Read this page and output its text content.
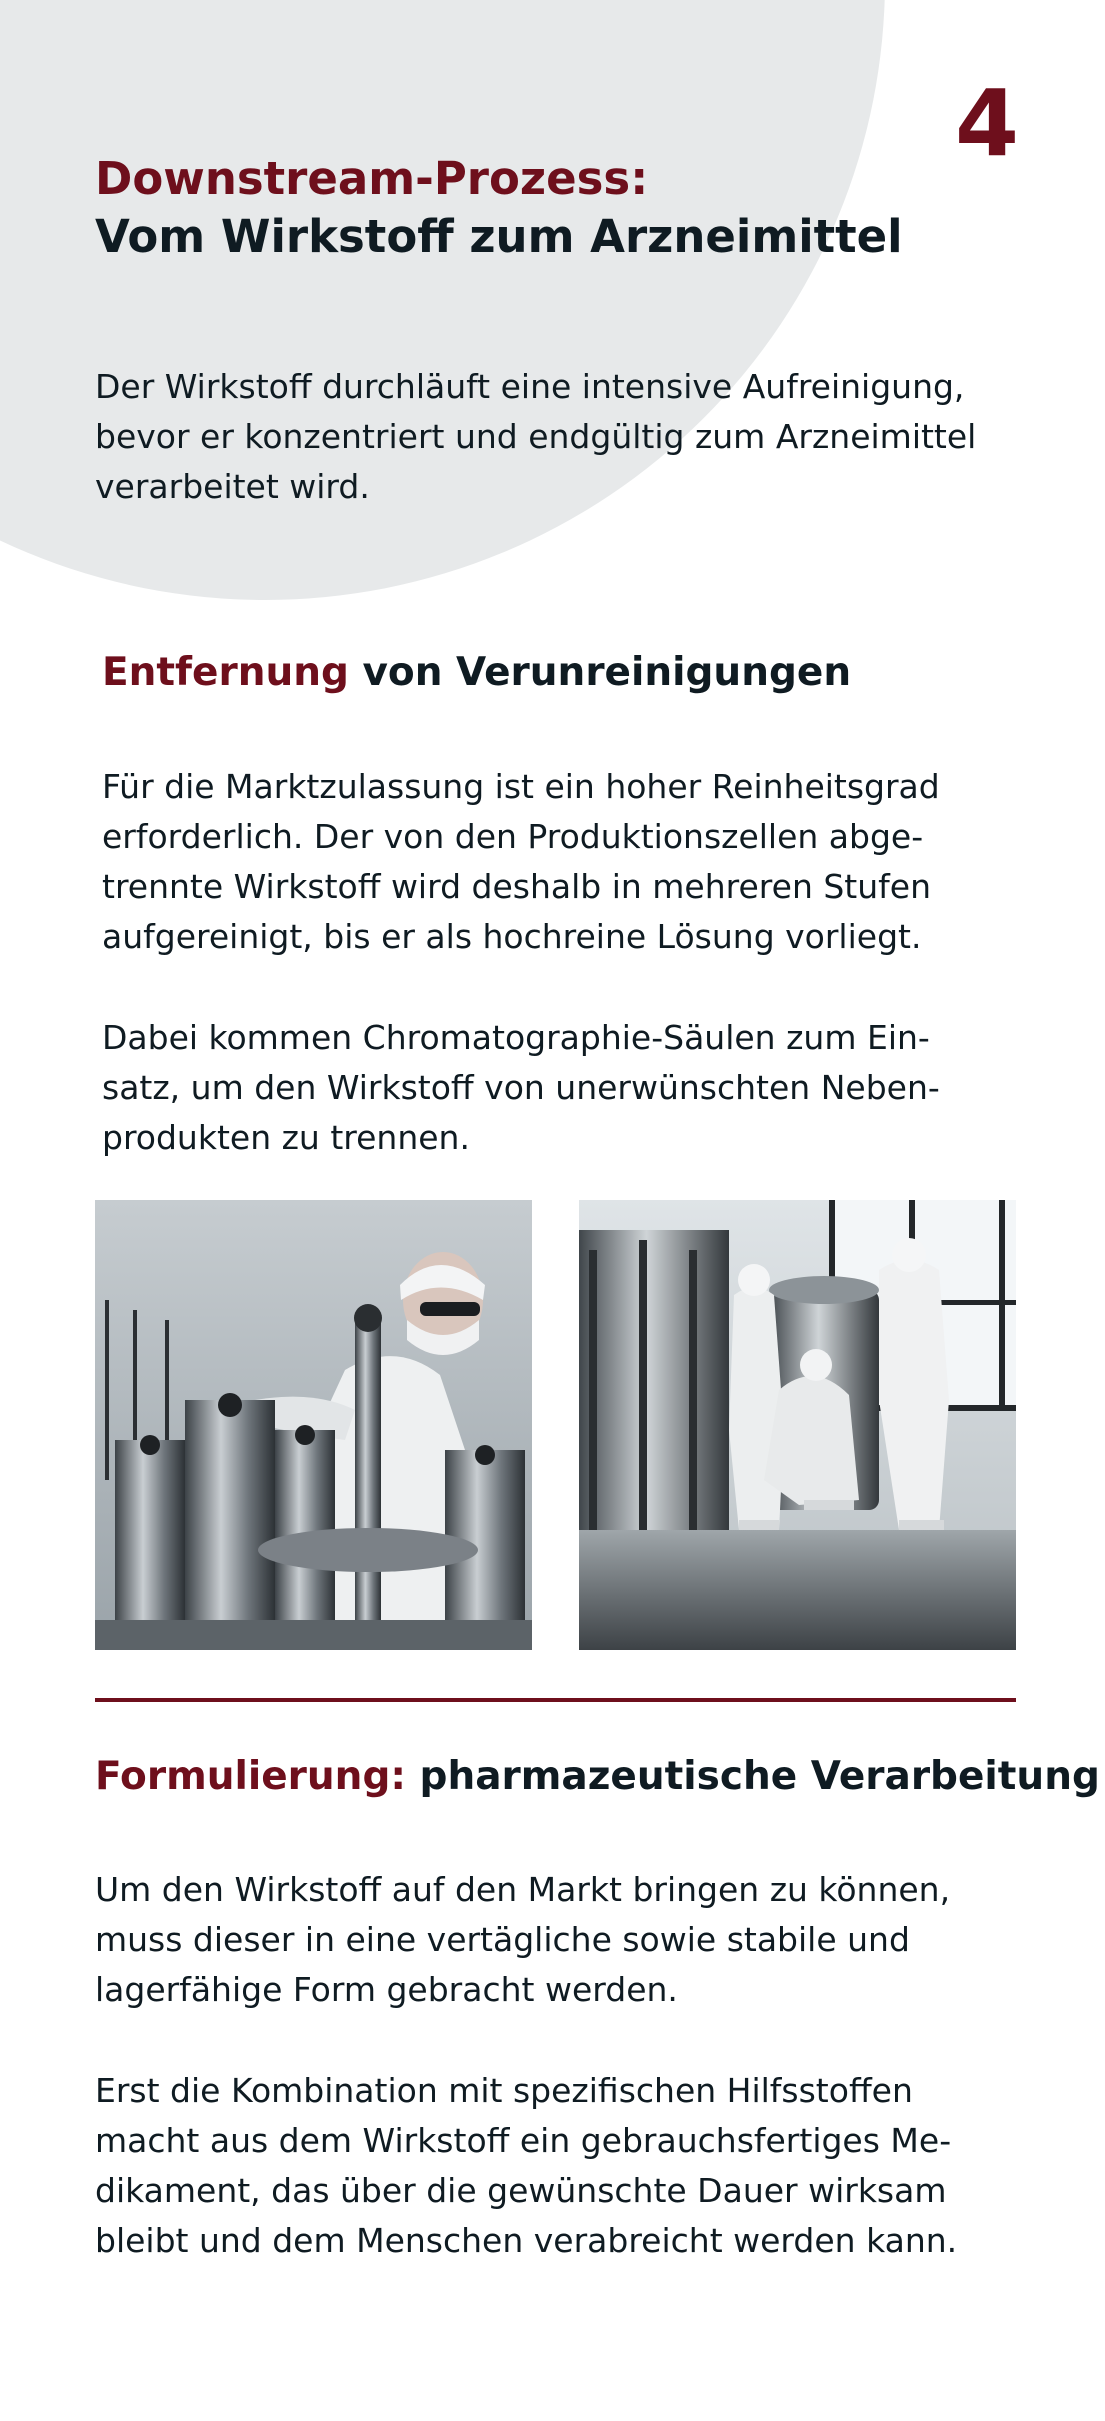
4
Downstream-Prozess:
Vom Wirkstoff zum Arzneimittel
Der Wirkstoff durchläuft eine intensive Aufreinigung,
bevor er konzentriert und endgültig zum Arzneimittel
verarbeitet wird.
Entfernung von Verunreinigungen
Für die Marktzulassung ist ein hoher Reinheitsgrad
erforderlich. Der von den Produktionszellen abge-
trennte Wirkstoff wird deshalb in mehreren Stufen
aufgereinigt, bis er als hochreine Lösung vorliegt.
Dabei kommen Chromatographie-Säulen zum Ein-
satz, um den Wirkstoff von unerwünschten Neben-
produkten zu trennen.
Formulierung: pharmazeutische Verarbeitung
Um den Wirkstoff auf den Markt bringen zu können,
muss dieser in eine vertägliche sowie stabile und
lagerfähige Form gebracht werden.
Erst die Kombination mit spezifischen Hilfsstoffen
macht aus dem Wirkstoff ein gebrauchsfertiges Me-
dikament, das über die gewünschte Dauer wirksam
bleibt und dem Menschen verabreicht werden kann.
